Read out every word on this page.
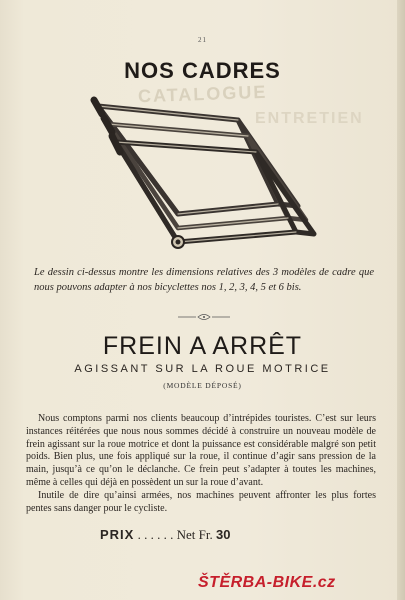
21
CATALOGUE
ENTRETIEN
NOS CADRES
Le dessin ci-dessus montre les dimensions relatives des 3 modèles de cadre que nous pouvons adapter à nos bicyclettes nos 1, 2, 3, 4, 5 et 6 bis.
FREIN A ARRÊT
AGISSANT SUR LA ROUE MOTRICE
(MODÈLE DÉPOSÉ)

Nous comptons parmi nos clients beaucoup d’intrépides touristes. C’est sur leurs instances réitérées que nous nous sommes décidé à construire un nouveau modèle de frein agissant sur la roue motrice et dont la puissance est considérable malgré son petit poids. Bien plus, une fois appliqué sur la roue, il continue d’agir sans pression de la main, jusqu’à ce qu’on le déclanche. Ce frein peut s’adapter à toutes les machines, même à celles qui déjà en possèdent un sur la roue d’avant.

Inutile de dire qu’ainsi armées, nos machines peuvent affronter les plus fortes pentes sans danger pour le cycliste.

PRIX . . . . . . Net Fr. 30
ŠTĚRBA-BIKE.cz
